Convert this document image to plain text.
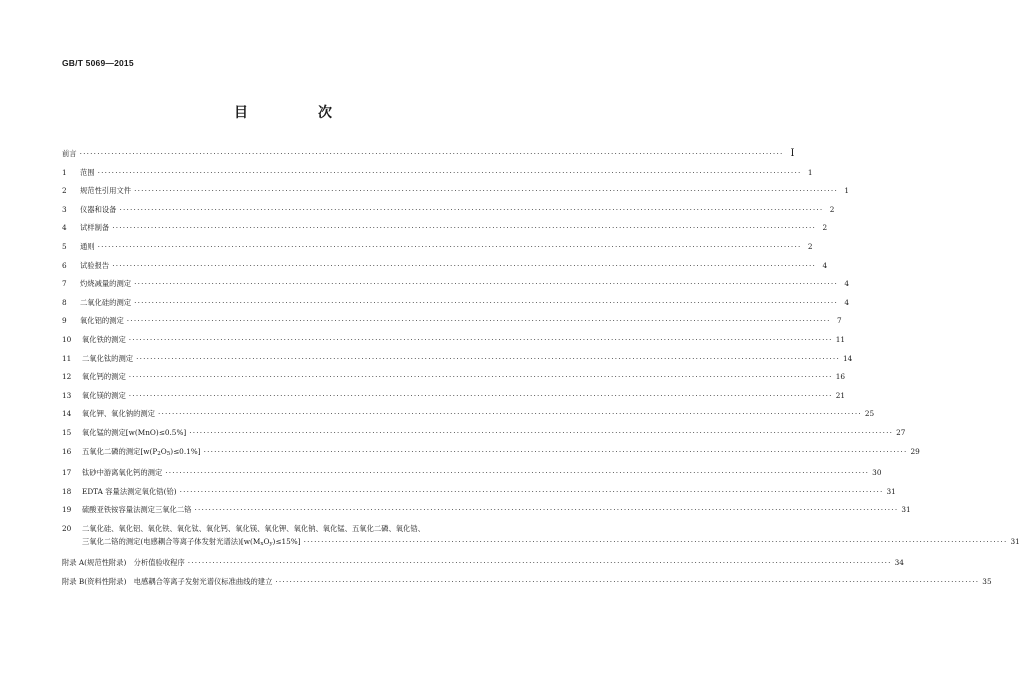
GB/T 5069—2015
目　次
前言 ········································································································································································································ Ⅰ
1	范围 ········································································································································································································ 1
2	规范性引用文件 ········································································································································································································ 1
3	仪器和设备 ········································································································································································································ 2
4	试样制备 ········································································································································································································ 2
5	通则 ········································································································································································································ 2
6	试验报告 ········································································································································································································ 4
7	灼烧减量的测定 ········································································································································································································ 4
8	二氧化硅的测定 ········································································································································································································ 4
9	氧化铝的测定 ········································································································································································································ 7
10	氧化铁的测定 ········································································································································································································ 11
11	二氧化钛的测定 ········································································································································································································ 14
12	氧化钙的测定 ········································································································································································································ 16
13	氧化镁的测定 ········································································································································································································ 21
14	氧化钾、氧化钠的测定 ········································································································································································································ 25
15	氧化锰的测定[w(MnO)≤0.5%] ········································································································································································································ 27
16	五氧化二磷的测定$[w(P_2O_5)\le 0.1\%]$ ········································································································································································································ 29
17	钛砂中游离氧化钙的测定 ········································································································································································································ 30
18	EDTA 容量法测定氧化锆(铪) ········································································································································································································ 31
19	硫酸亚铁铵容量法测定三氧化二铬 ········································································································································································································ 31
20	二氧化硅、氧化铝、氧化铁、氧化钛、氧化钙、氧化镁、氧化钾、氧化钠、氧化锰、五氧化二磷、氧化锆、
三氧化二铬的测定(电感耦合等离子体发射光谱法)$[w(M_xO_y)\le 15\%]$ ········································································································································································································ 31
附录 A(规范性附录)　分析值验收程序 ········································································································································································································ 34
附录 B(资料性附录)　电感耦合等离子发射光谱仪标准曲线的建立 ········································································································································································································ 35
